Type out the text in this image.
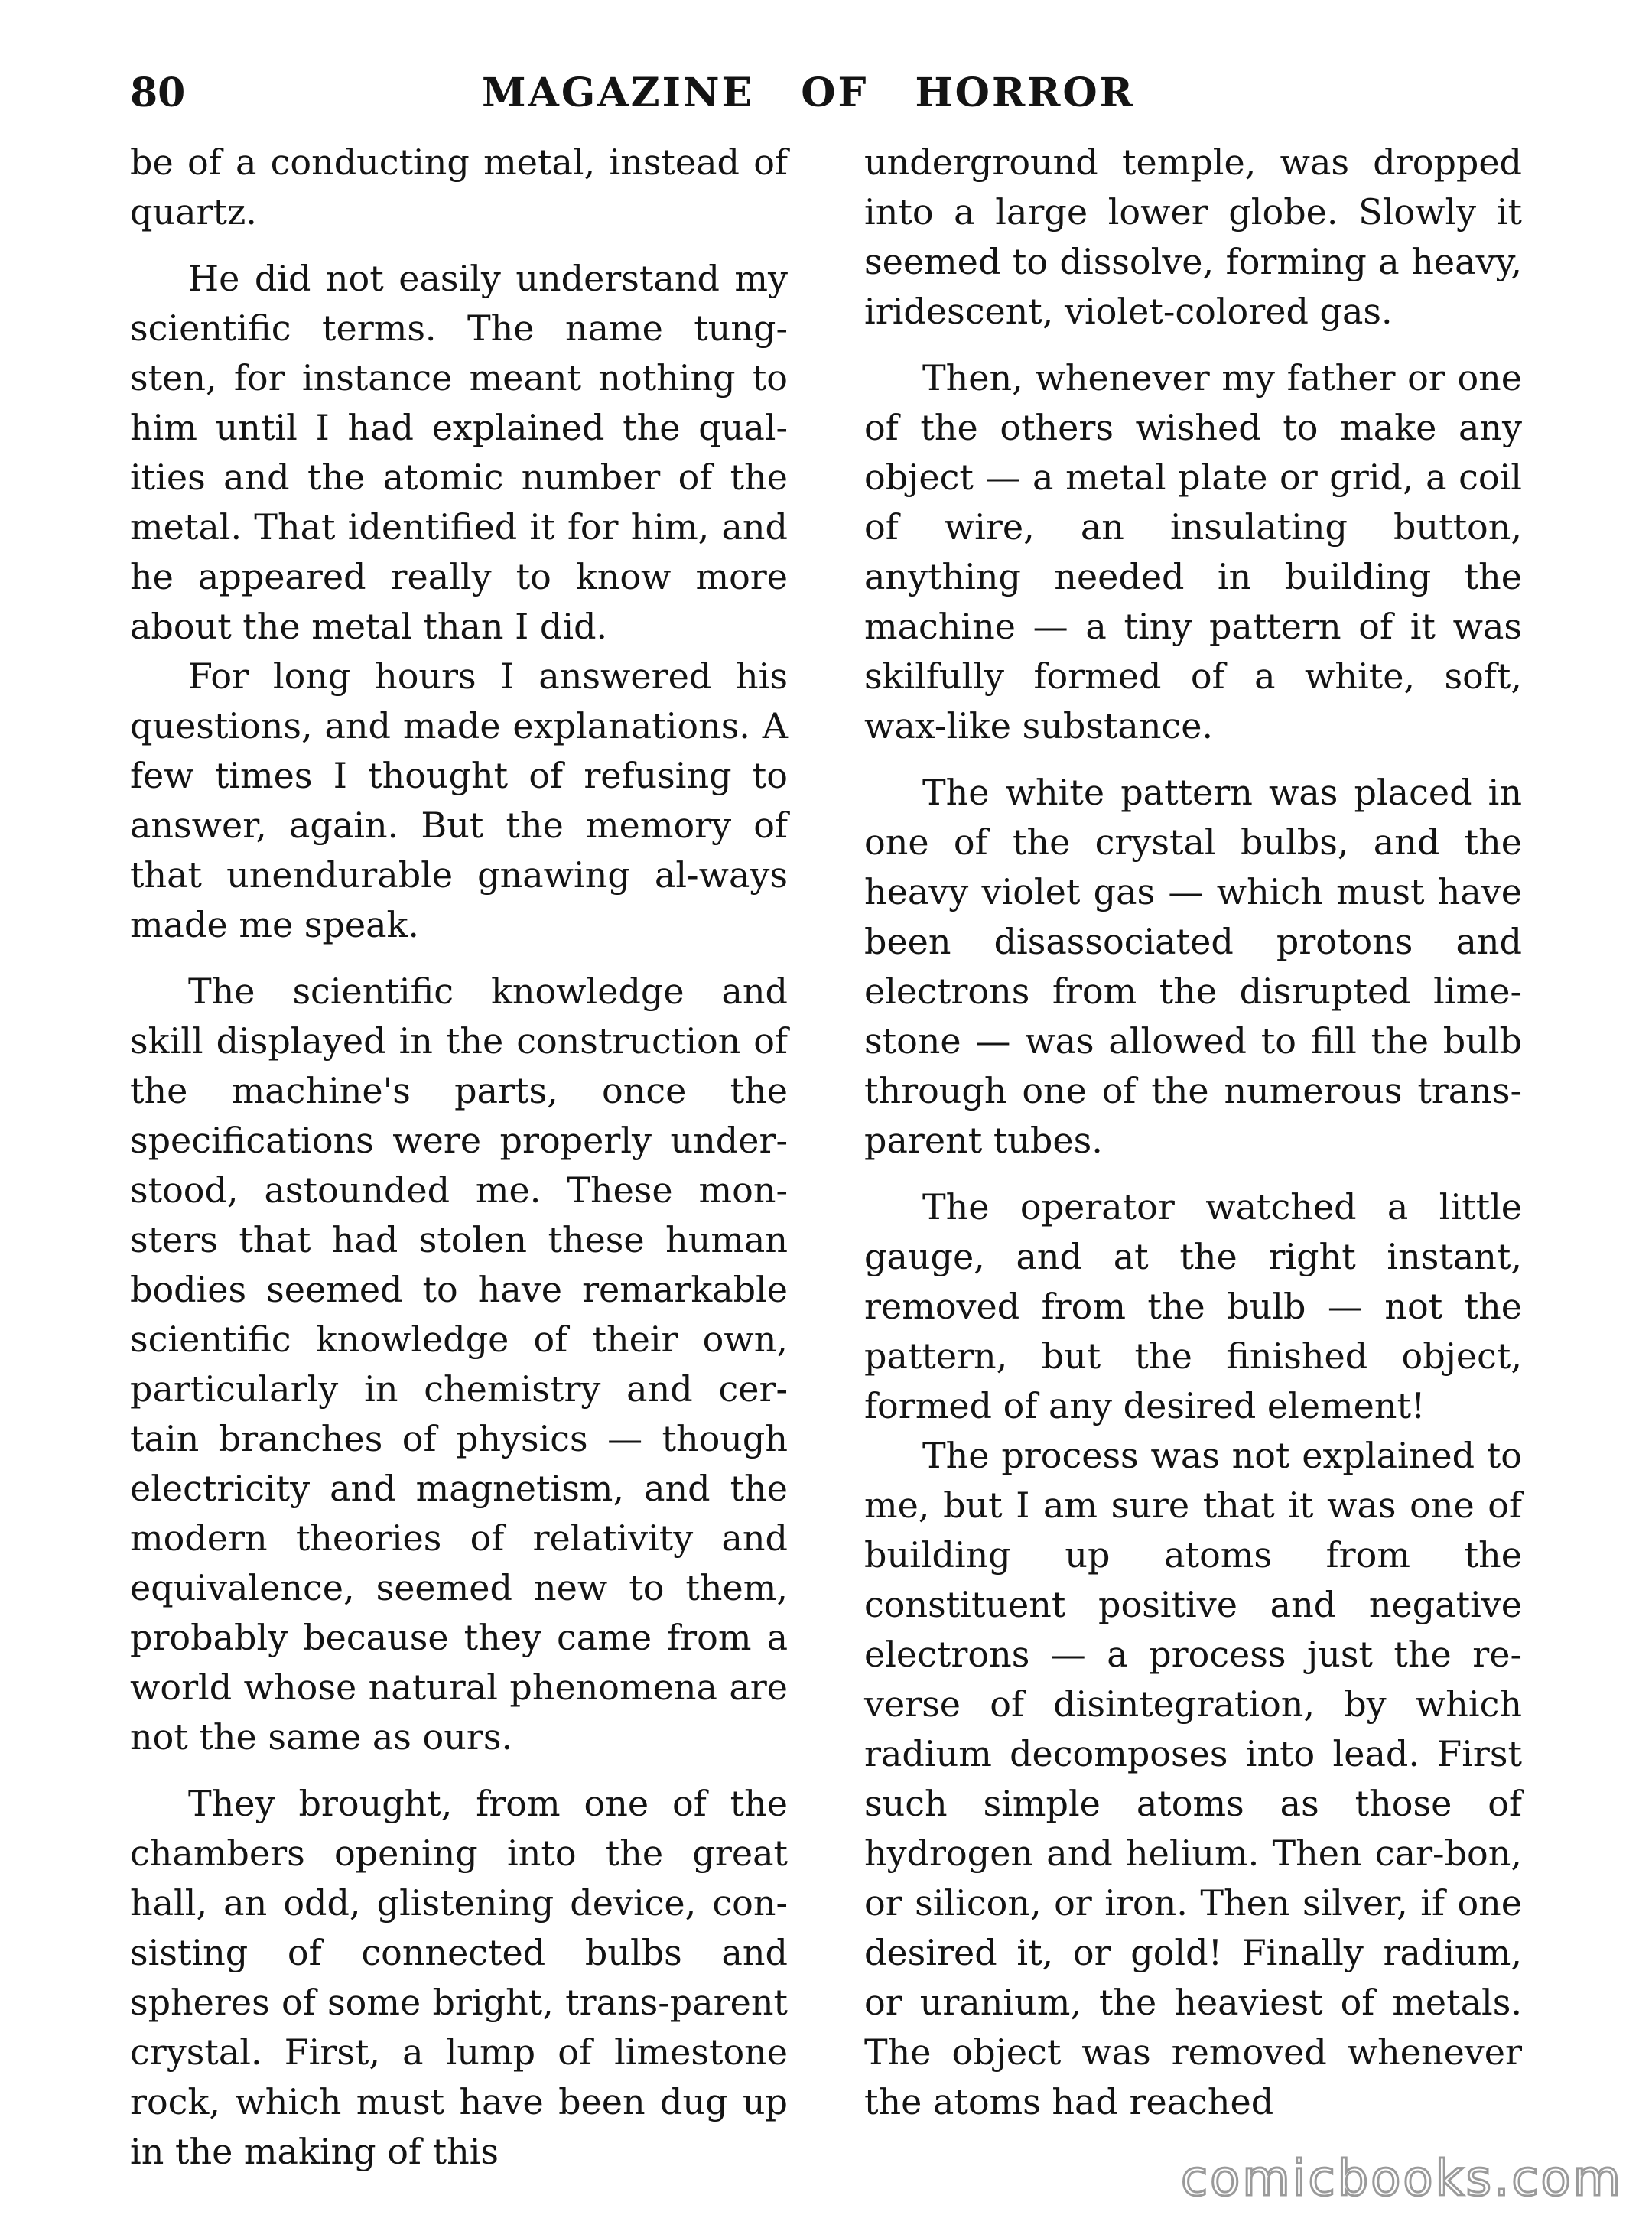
80	MAGAZINE OF HORROR

be of a conducting metal, instead of quartz.

He did not easily understand my scientific terms. The name tung-sten, for instance meant nothing to him until I had explained the qual-ities and the atomic number of the metal. That identified it for him, and he appeared really to know more about the metal than I did.

For long hours I answered his questions, and made explanations. A few times I thought of refusing to answer, again. But the memory of that unendurable gnawing al-ways made me speak.

The scientific knowledge and skill displayed in the construction of the machine's parts, once the specifications were properly under-stood, astounded me. These mon-sters that had stolen these human bodies seemed to have remarkable scientific knowledge of their own, particularly in chemistry and cer-tain branches of physics — though electricity and magnetism, and the modern theories of relativity and equivalence, seemed new to them, probably because they came from a world whose natural phenomena are not the same as ours.

They brought, from one of the chambers opening into the great hall, an odd, glistening device, con-sisting of connected bulbs and spheres of some bright, trans-parent crystal. First, a lump of limestone rock, which must have been dug up in the making of this

underground temple, was dropped into a large lower globe. Slowly it seemed to dissolve, forming a heavy, iridescent, violet-colored gas.

Then, whenever my father or one of the others wished to make any object — a metal plate or grid, a coil of wire, an insulating button, anything needed in building the machine — a tiny pattern of it was skilfully formed of a white, soft, wax-like substance.

The white pattern was placed in one of the crystal bulbs, and the heavy violet gas — which must have been disassociated protons and electrons from the disrupted lime-stone — was allowed to fill the bulb through one of the numerous trans-parent tubes.

The operator watched a little gauge, and at the right instant, removed from the bulb — not the pattern, but the finished object, formed of any desired element!

The process was not explained to me, but I am sure that it was one of building up atoms from the constituent positive and negative electrons — a process just the re-verse of disintegration, by which radium decomposes into lead. First such simple atoms as those of hydrogen and helium. Then car-bon, or silicon, or iron. Then silver, if one desired it, or gold! Finally radium, or uranium, the heaviest of metals. The object was removed whenever the atoms had reached

comicbooks.com
